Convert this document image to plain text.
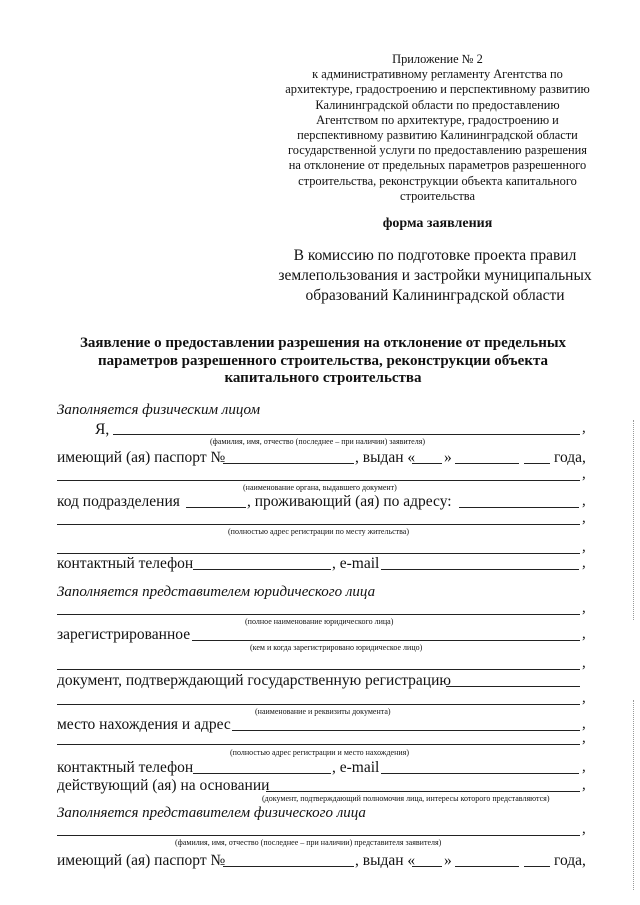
Приложение № 2
к административному регламенту Агентства по
архитектуре, градостроению и перспективному развитию
Калининградской области по предоставлению
Агентством по архитектуре, градостроению и
перспективному развитию Калининградской области
государственной услуги по предоставлению разрешения
на отклонение от предельных параметров разрешенного
строительства, реконструкции объекта капитального
строительства
форма заявления
В комиссию по подготовке проекта правил
землепользования и застройки муниципальных
образований Калининградской области
Заявление о предоставлении разрешения на отклонение от предельных
параметров разрешенного строительства, реконструкции объекта
капитального строительства
Заполняется физическим лицом
Я,	,
(фамилия, имя, отчество (последнее – при наличии) заявителя)
имеющий (ая) паспорт №	, выдан « »	года,
,
(наименование органа, выдавшего документ)
код подразделения	, проживающий (ая) по адресу:	,
,
(полностью адрес регистрации по месту жительства)
,
контактный телефон	, e-mail	,
Заполняется представителем юридического лица
,
(полное наименование юридического лица)
зарегистрированное	,
(кем и когда зарегистрировано юридическое лицо)
,
документ, подтверждающий государственную регистрацию
,
(наименование и реквизиты документа)
место нахождения и адрес	,
(полностью адрес регистрации и место нахождения)
,
контактный телефон	, e-mail	,
действующий (ая) на основании	,
(документ, подтверждающий полномочия лица, интересы которого представляются)
Заполняется представителем физического лица
,
(фамилия, имя, отчество (последнее – при наличии) представителя заявителя)
имеющий (ая) паспорт №	, выдан « »	года,
